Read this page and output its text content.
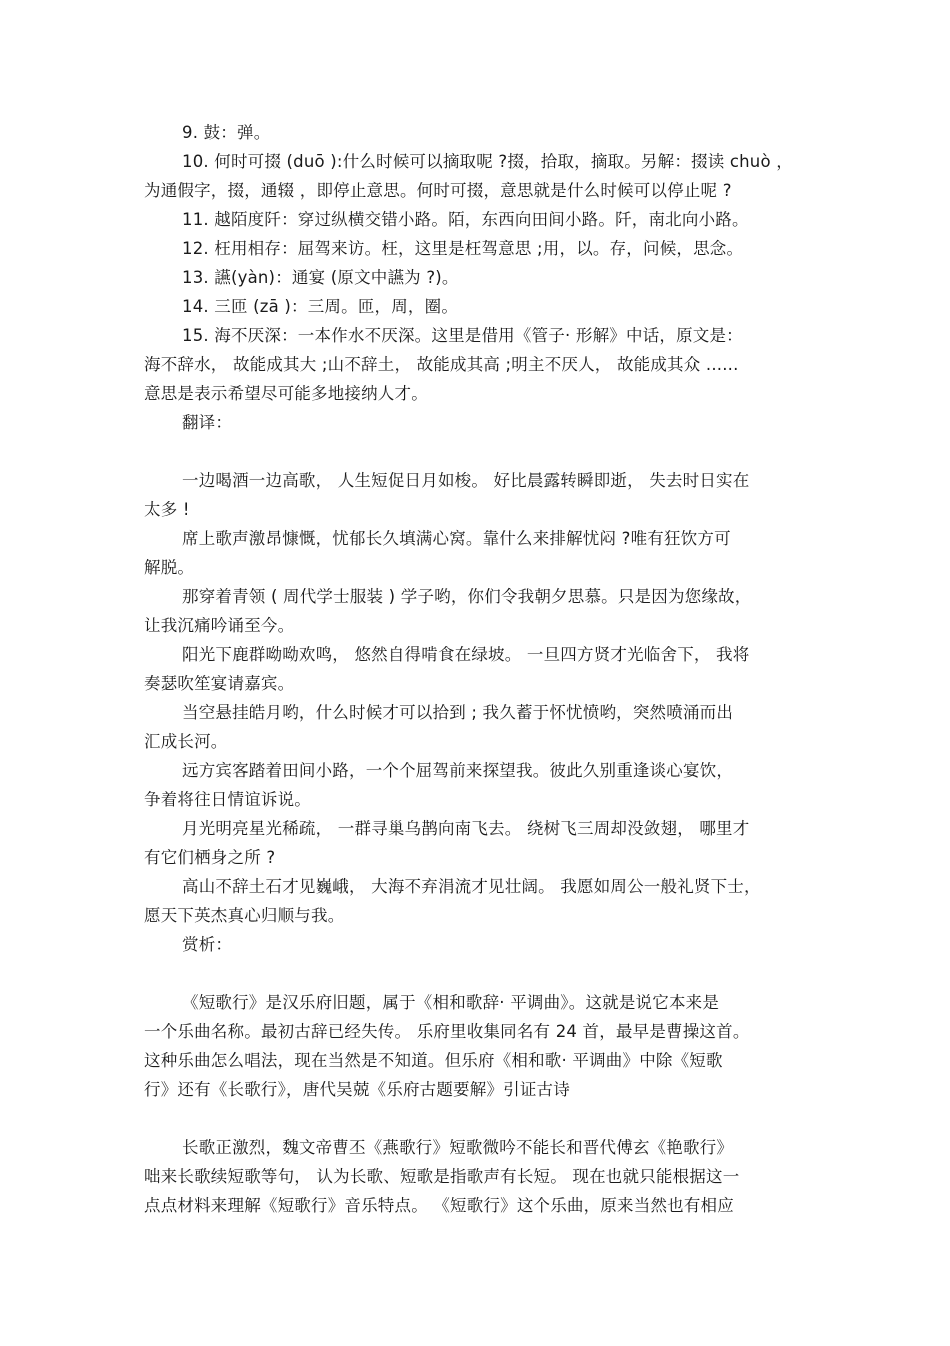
9. 鼓：弹。
10. 何时可掇 (duō ):什么时候可以摘取呢 ?掇，拾取，摘取。另解：掇读 chuò ，
为通假字，掇，通辍 ，即停止意思。何时可掇，意思就是什么时候可以停止呢 ?
11. 越陌度阡：穿过纵横交错小路。陌，东西向田间小路。阡，南北向小路。
12. 枉用相存：屈驾来访。枉，这里是枉驾意思 ;用，以。存，问候，思念。
13. 讌(yàn)：通宴 (原文中讌为 ?)。
14. 三匝 (zā )：三周。匝，周，圈。
15. 海不厌深：一本作水不厌深。这里是借用《管子· 形解》中话，原文是：
海不辞水， 故能成其大 ;山不辞土， 故能成其高 ;明主不厌人， 故能成其众 ......
意思是表示希望尽可能多地接纳人才。
翻译：
一边喝酒一边高歌， 人生短促日月如梭。 好比晨露转瞬即逝， 失去时日实在
太多 !
席上歌声激昂慷慨，忧郁长久填满心窝。靠什么来排解忧闷 ?唯有狂饮方可
解脱。
那穿着青领 ( 周代学士服装 ) 学子哟，你们令我朝夕思慕。只是因为您缘故，
让我沉痛吟诵至今。
阳光下鹿群呦呦欢鸣， 悠然自得啃食在绿坡。 一旦四方贤才光临舍下， 我将
奏瑟吹笙宴请嘉宾。
当空悬挂皓月哟，什么时候才可以拾到 ; 我久蓄于怀忧愤哟，突然喷涌而出
汇成长河。
远方宾客踏着田间小路，一个个屈驾前来探望我。彼此久别重逢谈心宴饮，
争着将往日情谊诉说。
月光明亮星光稀疏， 一群寻巢乌鹊向南飞去。 绕树飞三周却没敛翅， 哪里才
有它们栖身之所 ?
高山不辞土石才见巍峨， 大海不弃涓流才见壮阔。 我愿如周公一般礼贤下士，
愿天下英杰真心归顺与我。
赏析：
《短歌行》是汉乐府旧题，属于《相和歌辞· 平调曲》。这就是说它本来是
一个乐曲名称。最初古辞已经失传。 乐府里收集同名有 24 首，最早是曹操这首。
这种乐曲怎么唱法，现在当然是不知道。但乐府《相和歌· 平调曲》中除《短歌
行》还有《长歌行》，唐代吴兢《乐府古题要解》引证古诗
长歌正激烈，魏文帝曹丕《燕歌行》短歌微吟不能长和晋代傅玄《艳歌行》
咄来长歌续短歌等句， 认为长歌、短歌是指歌声有长短。 现在也就只能根据这一
点点材料来理解《短歌行》音乐特点。 《短歌行》这个乐曲，原来当然也有相应
